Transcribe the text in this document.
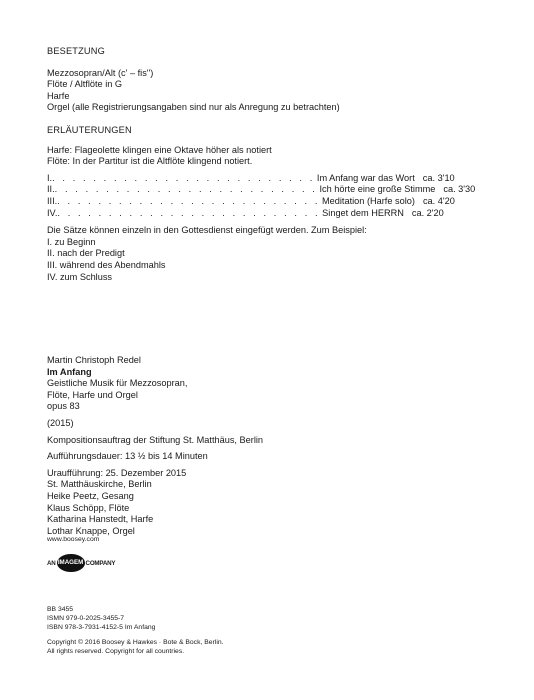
BESETZUNG
Mezzosopran/Alt (c' – fis'')
Flöte / Altflöte in G
Harfe
Orgel (alle Registrierungsangaben sind nur als Anregung zu betrachten)
ERLÄUTERUNGEN
Harfe: Flageolette klingen eine Oktave höher als notiert
Flöte: In der Partitur ist die Altflöte klingend notiert.
I. . . . . . . . . . . . . . . . . . . . . . . . . . . Im Anfang war das Wort ca. 3'10
II. . . . . . . . . . . . . . . . . . . . . . . . . . . Ich hörte eine große Stimme ca. 3'30
III. . . . . . . . . . . . . . . . . . . . . . . . . . . Meditation (Harfe solo) ca. 4'20
IV. . . . . . . . . . . . . . . . . . . . . . . . . . . Singet dem HERRN ca. 2'20
Die Sätze können einzeln in den Gottesdienst eingefügt werden. Zum Beispiel:
I. zu Beginn
II. nach der Predigt
III. während des Abendmahls
IV. zum Schluss
Martin Christoph Redel
Im Anfang
Geistliche Musik für Mezzosopran,
Flöte, Harfe und Orgel
opus 83
(2015)
Kompositionsauftrag der Stiftung St. Matthäus, Berlin
Aufführungsdauer: 13 ½ bis 14 Minuten
Uraufführung: 25. Dezember 2015
St. Matthäuskirche, Berlin
Heike Peetz, Gesang
Klaus Schöpp, Flöte
Katharina Hanstedt, Harfe
Lothar Knappe, Orgel
www.boosey.com
AN IMAGEM COMPANY
BB 3455
ISMN 979-0-2025-3455-7
ISBN 978-3-7931-4152-5 Im Anfang
Copyright © 2016 Boosey & Hawkes · Bote & Bock, Berlin.
All rights reserved. Copyright for all countries.
